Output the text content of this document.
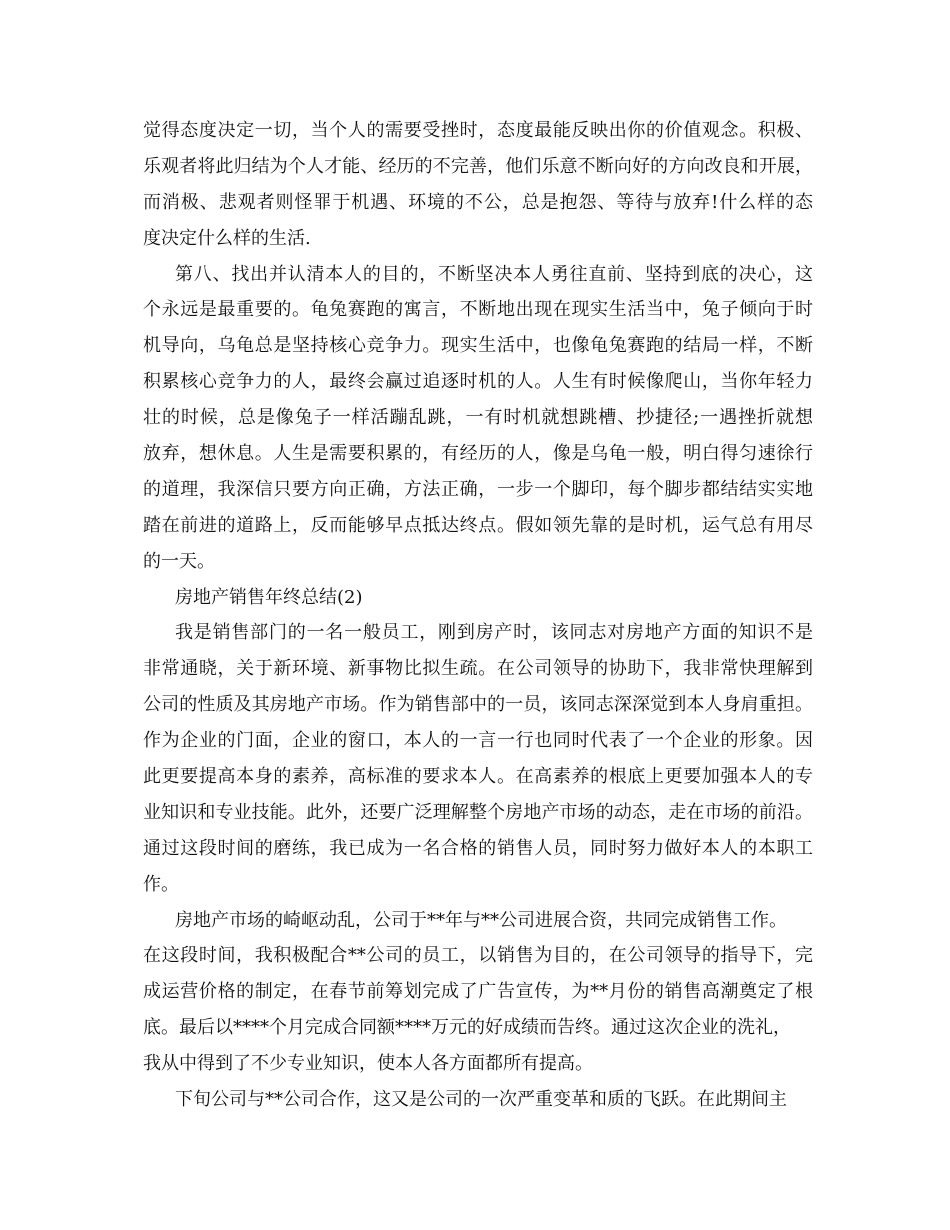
觉得态度决定一切，当个人的需要受挫时，态度最能反映出你的价值观念。积极、
乐观者将此归结为个人才能、经历的不完善，他们乐意不断向好的方向改良和开展，
而消极、悲观者则怪罪于机遇、环境的不公，总是抱怨、等待与放弃!什么样的态
度决定什么样的生活.
第八、找出并认清本人的目的，不断坚决本人勇往直前、坚持到底的决心，这
个永远是最重要的。龟兔赛跑的寓言，不断地出现在现实生活当中，兔子倾向于时
机导向，乌龟总是坚持核心竞争力。现实生活中，也像龟兔赛跑的结局一样，不断
积累核心竞争力的人，最终会赢过追逐时机的人。人生有时候像爬山，当你年轻力
壮的时候，总是像兔子一样活蹦乱跳，一有时机就想跳槽、抄捷径;一遇挫折就想
放弃，想休息。人生是需要积累的，有经历的人，像是乌龟一般，明白得匀速徐行
的道理，我深信只要方向正确，方法正确，一步一个脚印，每个脚步都结结实实地
踏在前进的道路上，反而能够早点抵达终点。假如领先靠的是时机，运气总有用尽
的一天。
房地产销售年终总结(2)
我是销售部门的一名一般员工，刚到房产时，该同志对房地产方面的知识不是
非常通晓，关于新环境、新事物比拟生疏。在公司领导的协助下，我非常快理解到
公司的性质及其房地产市场。作为销售部中的一员，该同志深深觉到本人身肩重担。
作为企业的门面，企业的窗口，本人的一言一行也同时代表了一个企业的形象。因
此更要提高本身的素养，高标准的要求本人。在高素养的根底上更要加强本人的专
业知识和专业技能。此外，还要广泛理解整个房地产市场的动态，走在市场的前沿。
通过这段时间的磨练，我已成为一名合格的销售人员，同时努力做好本人的本职工
作。
房地产市场的崎岖动乱，公司于**年与**公司进展合资，共同完成销售工作。
在这段时间，我积极配合**公司的员工，以销售为目的，在公司领导的指导下，完
成运营价格的制定，在春节前筹划完成了广告宣传，为**月份的销售高潮奠定了根
底。最后以****个月完成合同额****万元的好成绩而告终。通过这次企业的洗礼，
我从中得到了不少专业知识，使本人各方面都所有提高。
下旬公司与**公司合作，这又是公司的一次严重变革和质的飞跃。在此期间主
